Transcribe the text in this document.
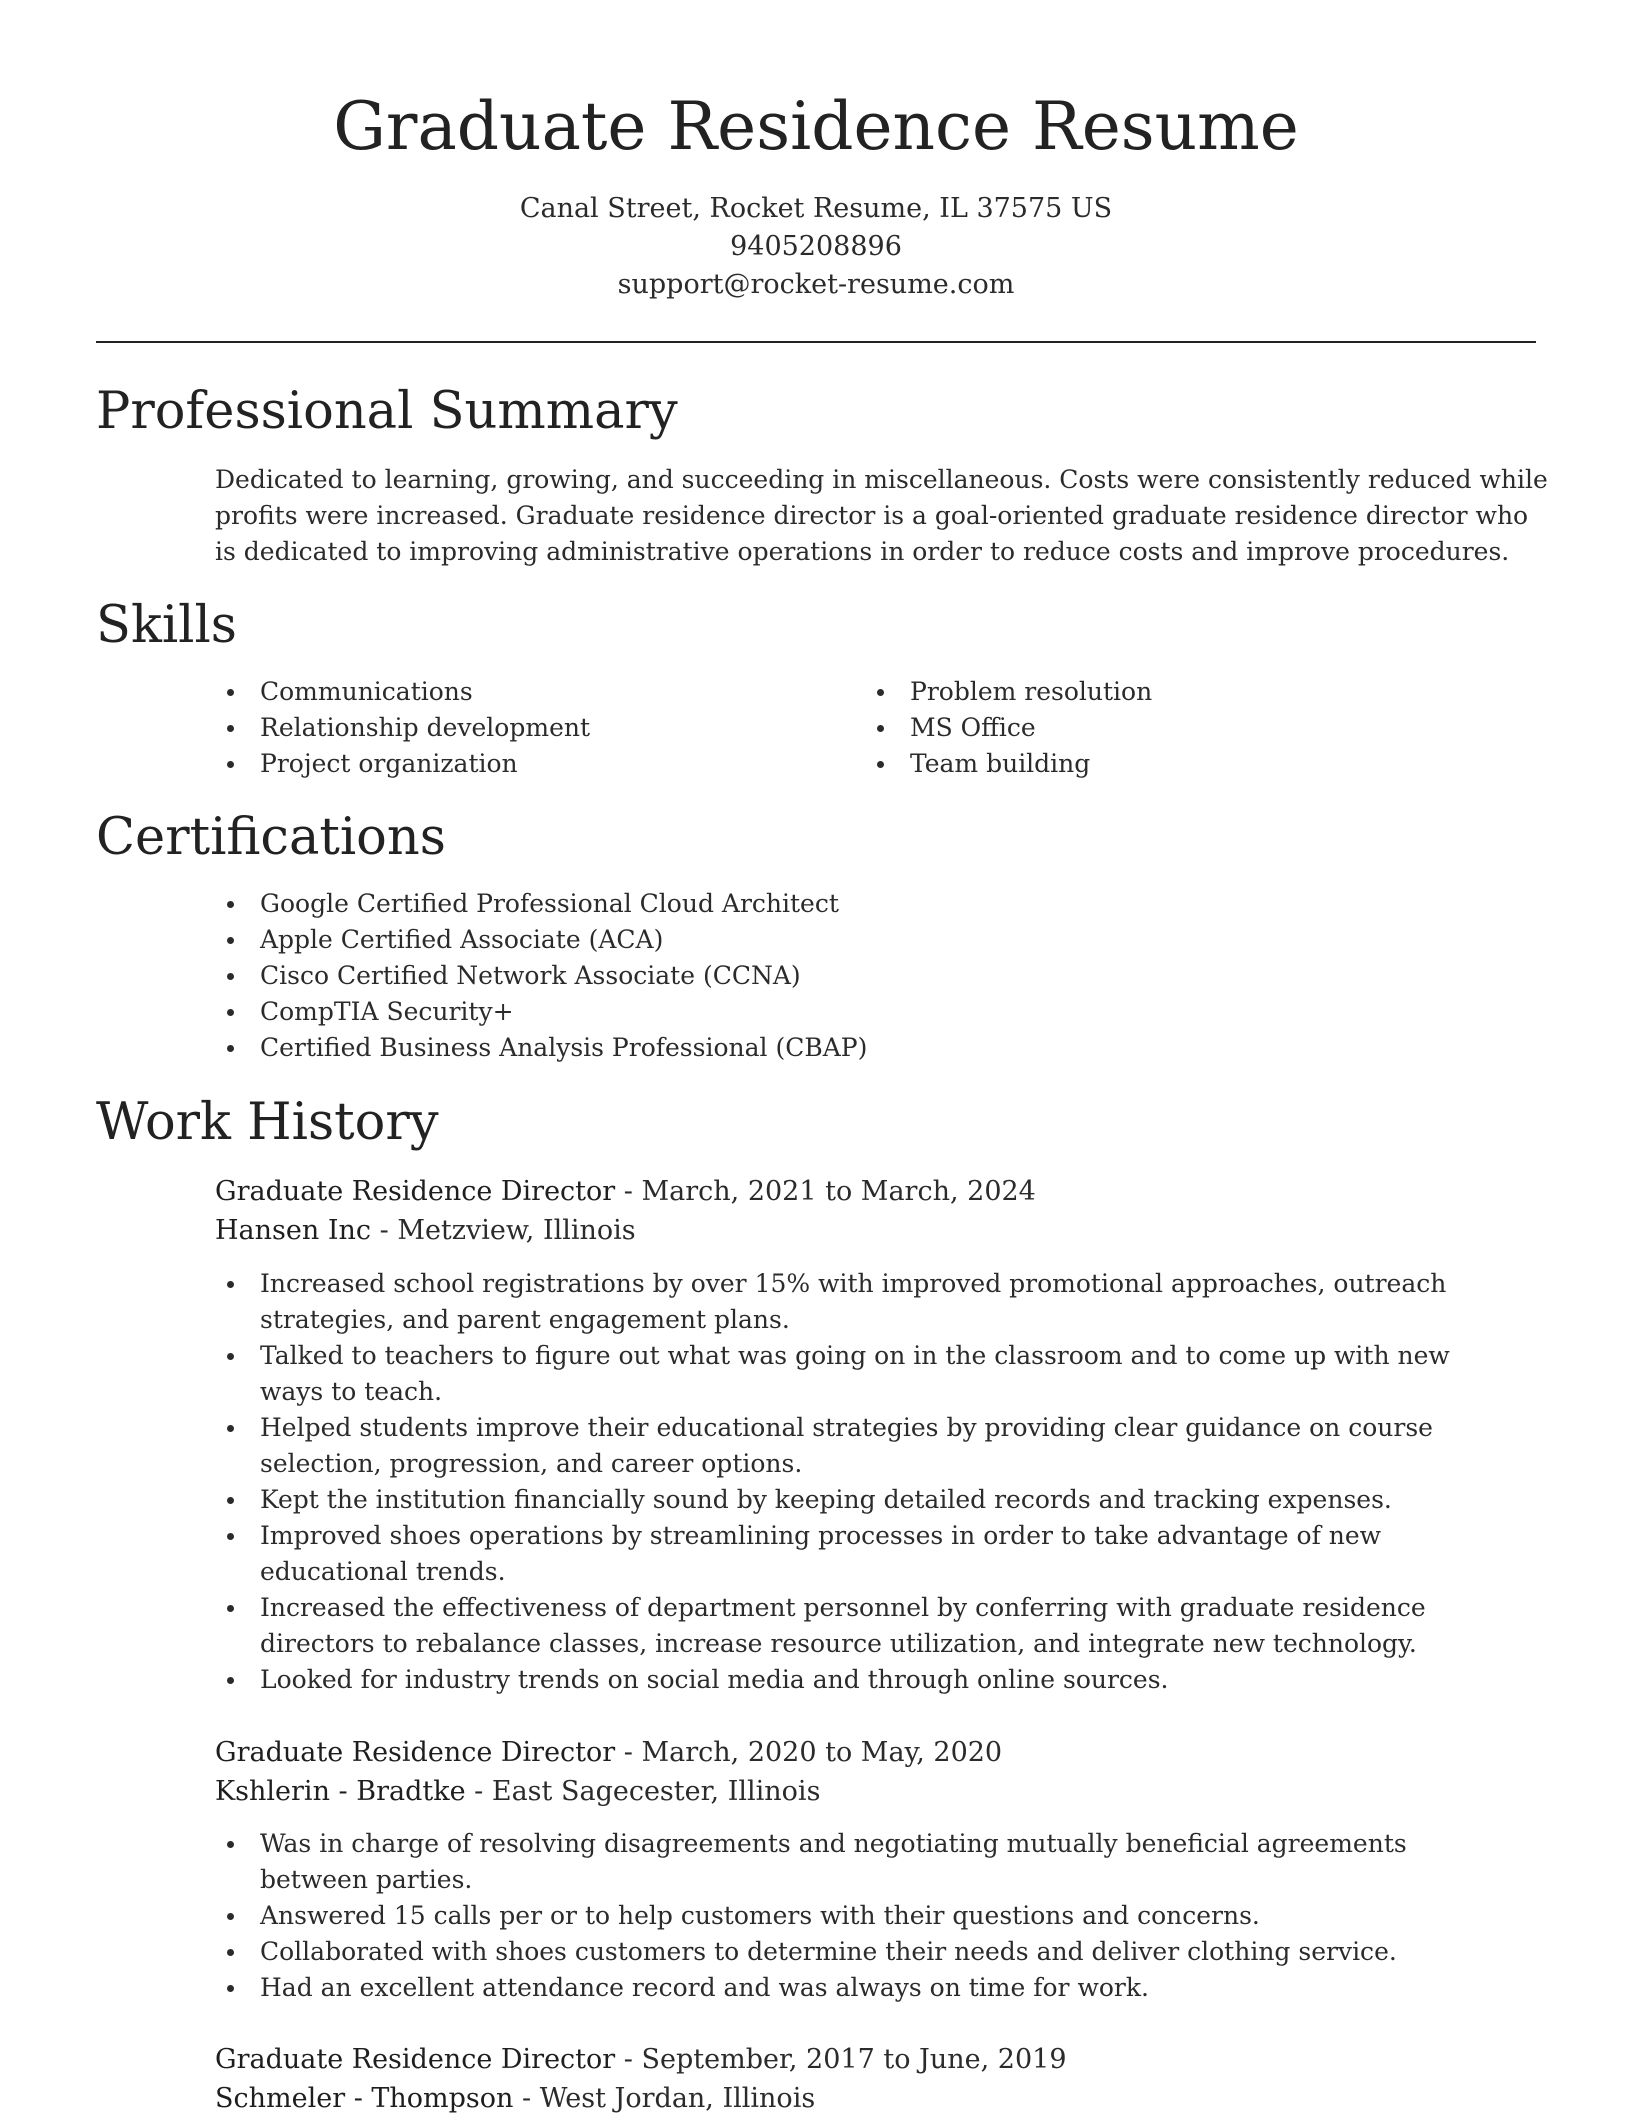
Graduate Residence Resume
Canal Street, Rocket Resume, IL 37575 US
9405208896
support@rocket-resume.com
Professional Summary

Dedicated to learning, growing, and succeeding in miscellaneous. Costs were consistently reduced while profits were increased. Graduate residence director is a goal-oriented graduate residence director who is dedicated to improving administrative operations in order to reduce costs and improve procedures.

Skills
Communications
Relationship development
Project organization
Problem resolution
MS Office
Team building
Certifications
Google Certified Professional Cloud Architect
Apple Certified Associate (ACA)
Cisco Certified Network Associate (CCNA)
CompTIA Security+
Certified Business Analysis Professional (CBAP)
Work History
Graduate Residence Director - March, 2021 to March, 2024
Hansen Inc - Metzview, Illinois
Increased school registrations by over 15% with improved promotional approaches, outreach strategies, and parent engagement plans.
Talked to teachers to figure out what was going on in the classroom and to come up with new ways to teach.
Helped students improve their educational strategies by providing clear guidance on course selection, progression, and career options.
Kept the institution financially sound by keeping detailed records and tracking expenses.
Improved shoes operations by streamlining processes in order to take advantage of new educational trends.
Increased the effectiveness of department personnel by conferring with graduate residence directors to rebalance classes, increase resource utilization, and integrate new technology.
Looked for industry trends on social media and through online sources.
Graduate Residence Director - March, 2020 to May, 2020
Kshlerin - Bradtke - East Sagecester, Illinois
Was in charge of resolving disagreements and negotiating mutually beneficial agreements between parties.
Answered 15 calls per or to help customers with their questions and concerns.
Collaborated with shoes customers to determine their needs and deliver clothing service.
Had an excellent attendance record and was always on time for work.
Graduate Residence Director - September, 2017 to June, 2019
Schmeler - Thompson - West Jordan, Illinois
